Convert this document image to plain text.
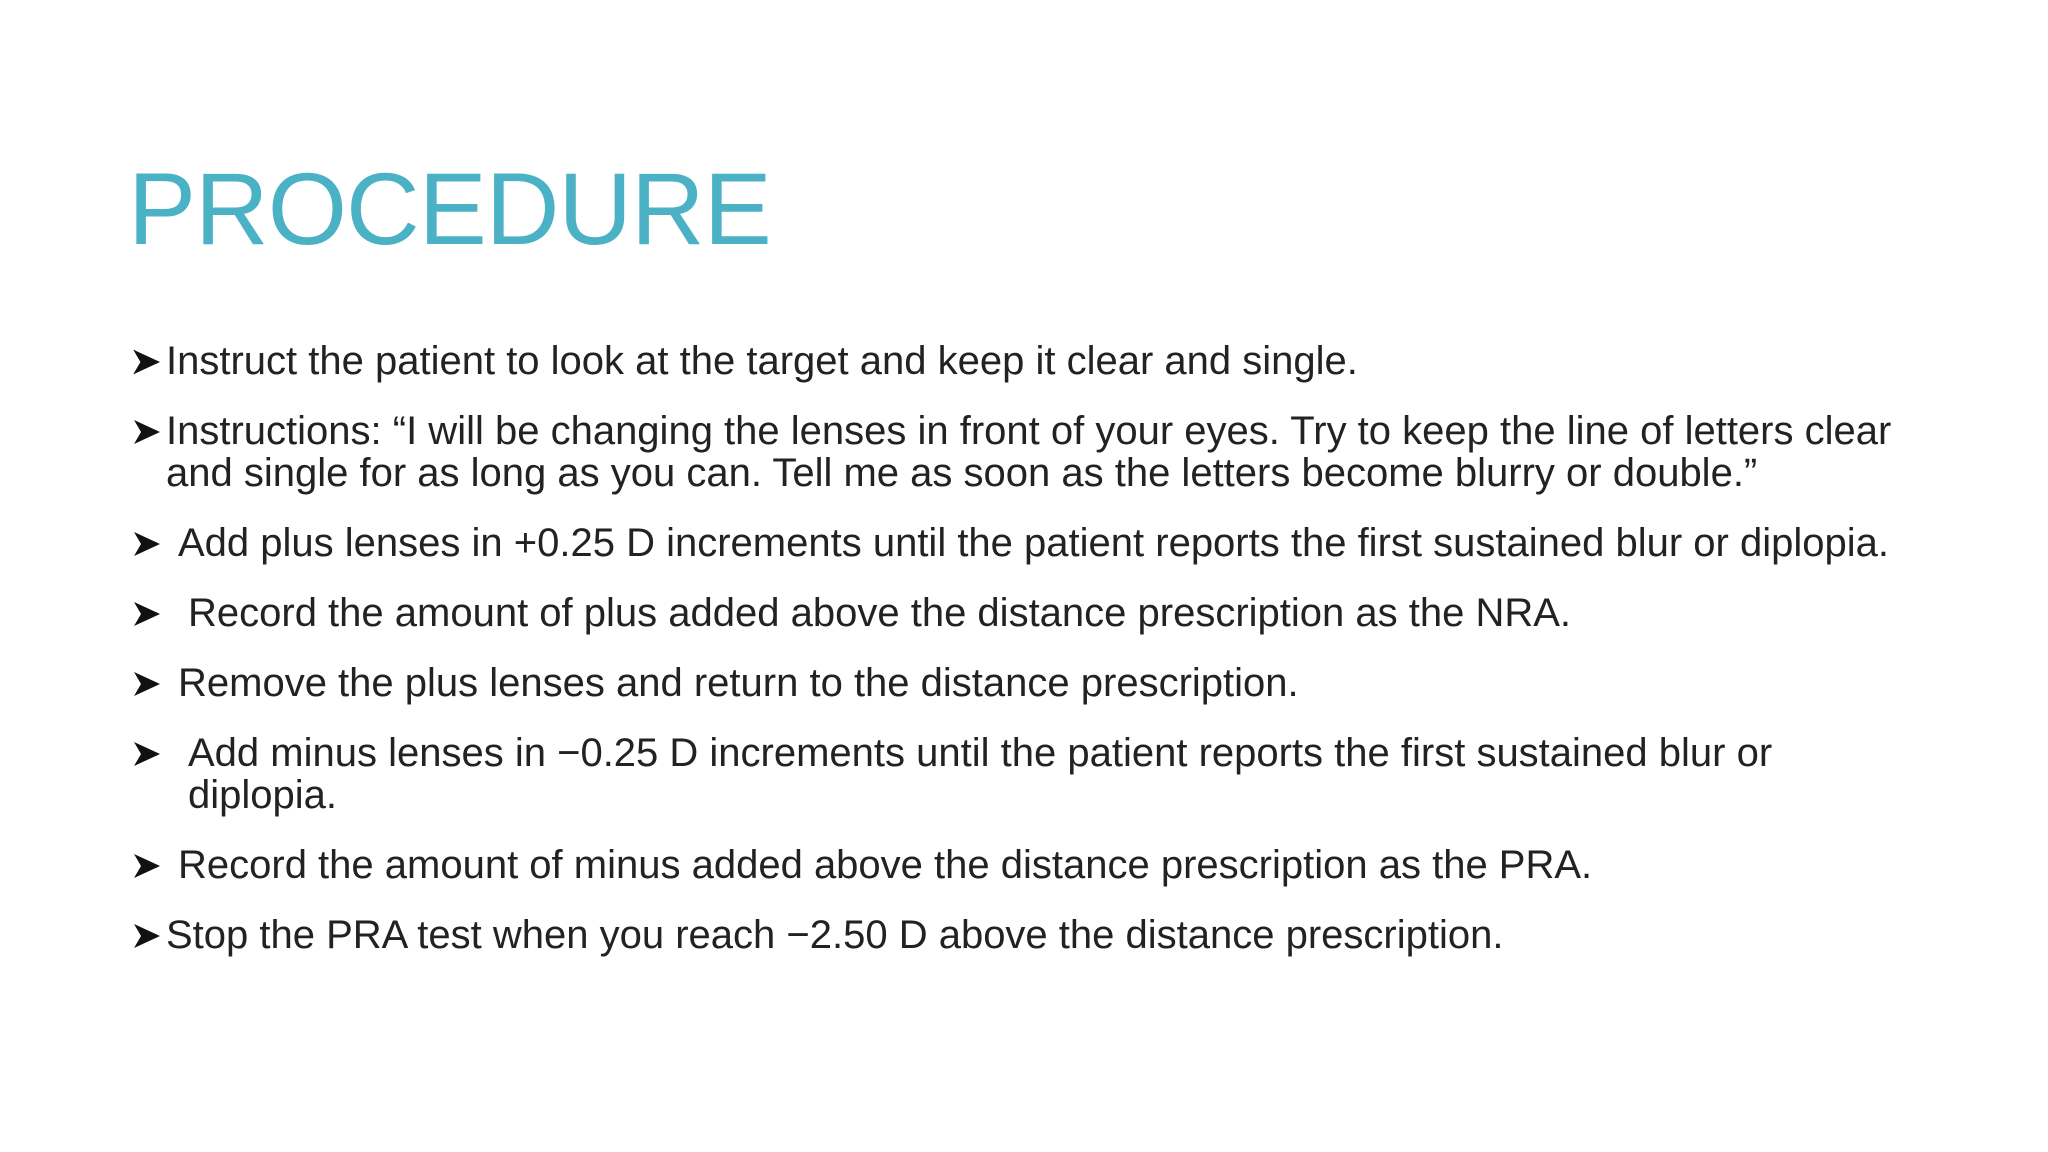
PROCEDURE
Instruct the patient to look at the target and keep it clear and single.
Instructions: “I will be changing the lenses in front of your eyes. Try to keep the line of letters clear and single for as long as you can. Tell me as soon as the letters become blurry or double.”
Add plus lenses in +0.25 D increments until the patient reports the first sustained blur or diplopia.
Record the amount of plus added above the distance prescription as the NRA.
Remove the plus lenses and return to the distance prescription.
Add minus lenses in −0.25 D increments until the patient reports the first sustained blur or diplopia.
Record the amount of minus added above the distance prescription as the PRA.
Stop the PRA test when you reach −2.50 D above the distance prescription.
